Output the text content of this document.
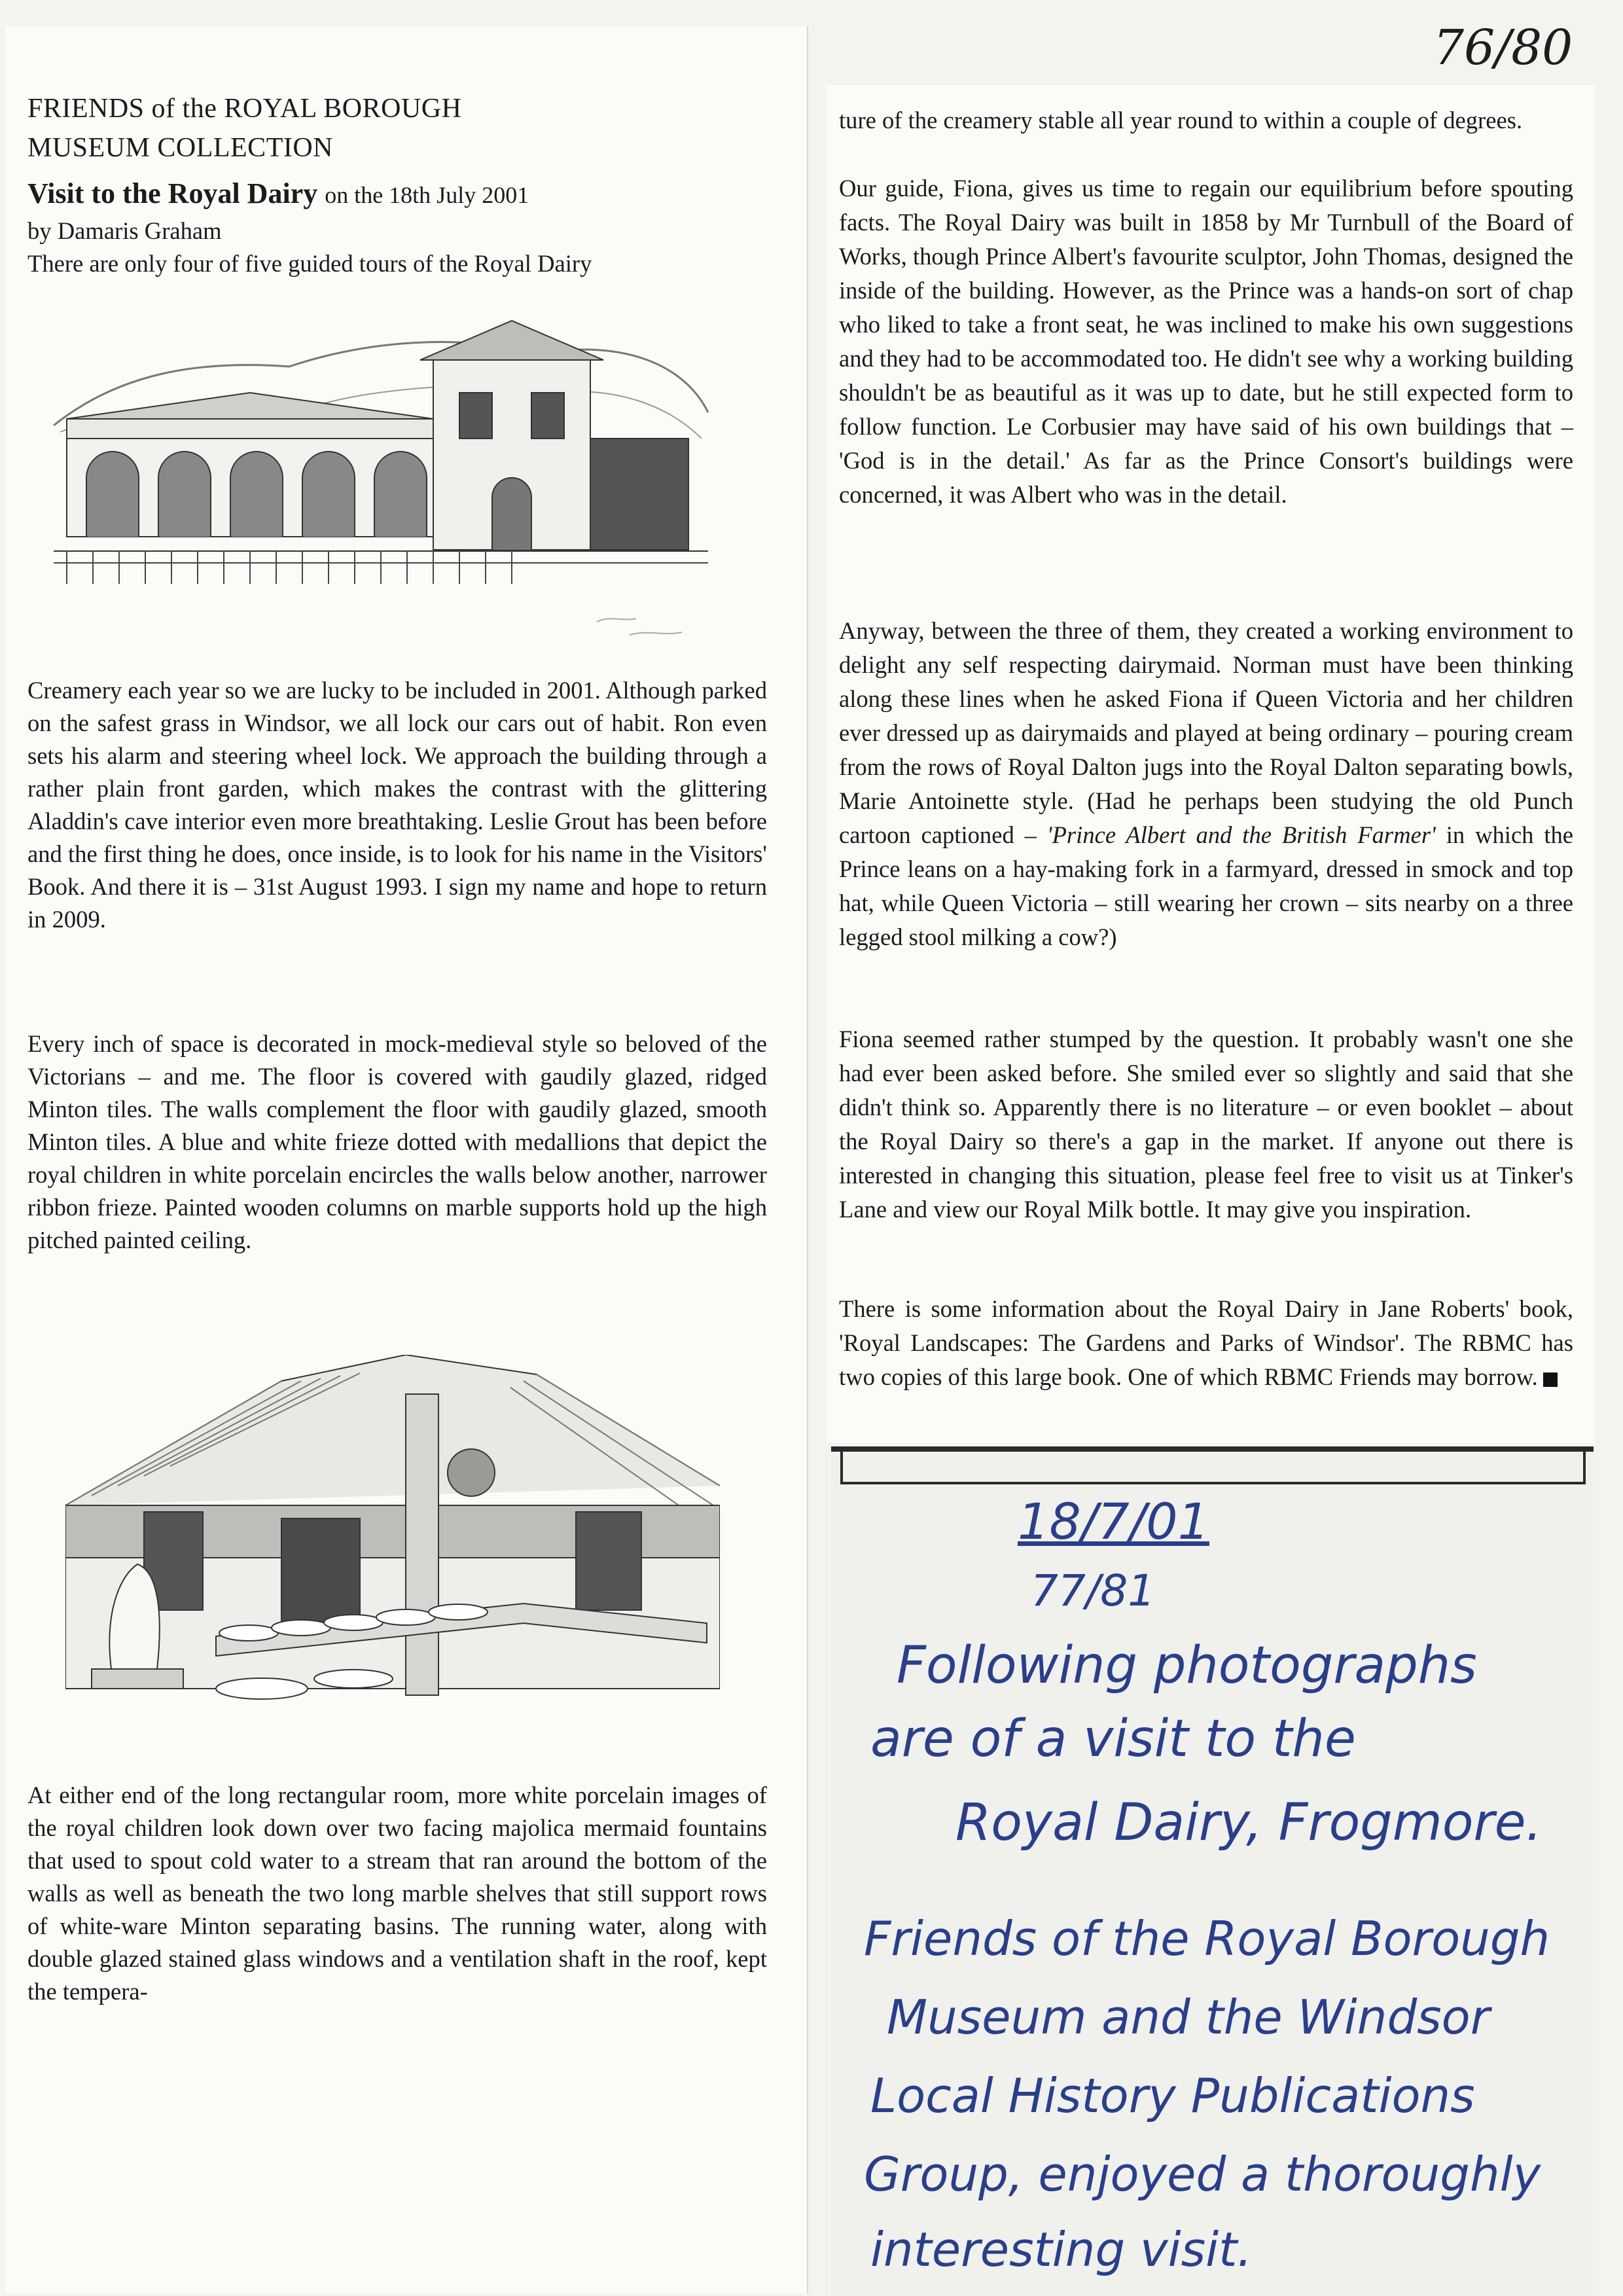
76/80
FRIENDS of the ROYAL BOROUGH
MUSEUM COLLECTION
Visit to the Royal Dairy on the 18th July 2001
by Damaris Graham
There are only four of five guided tours of the Royal Dairy
Creamery each year so we are lucky to be included in 2001. Although parked on the safest grass in Windsor, we all lock our cars out of habit. Ron even sets his alarm and steering wheel lock. We approach the building through a rather plain front garden, which makes the contrast with the glittering Aladdin's cave interior even more breathtaking. Leslie Grout has been before and the first thing he does, once inside, is to look for his name in the Visitors' Book. And there it is – 31st August 1993. I sign my name and hope to return in 2009.
Every inch of space is decorated in mock-medieval style so beloved of the Victorians – and me. The floor is covered with gaudily glazed, ridged Minton tiles. The walls complement the floor with gaudily glazed, smooth Minton tiles. A blue and white frieze dotted with medallions that depict the royal children in white porcelain encircles the walls below another, narrower ribbon frieze. Painted wooden columns on marble supports hold up the high pitched painted ceiling.
At either end of the long rectangular room, more white porcelain images of the royal children look down over two facing majolica mermaid fountains that used to spout cold water to a stream that ran around the bottom of the walls as well as beneath the two long marble shelves that still support rows of white-ware Minton separating basins. The running water, along with double glazed stained glass windows and a ventilation shaft in the roof, kept the tempera-
ture of the creamery stable all year round to within a couple of degrees.
Our guide, Fiona, gives us time to regain our equilibrium before spouting facts. The Royal Dairy was built in 1858 by Mr Turnbull of the Board of Works, though Prince Albert's favourite sculptor, John Thomas, designed the inside of the building. However, as the Prince was a hands-on sort of chap who liked to take a front seat, he was inclined to make his own suggestions and they had to be accommodated too. He didn't see why a working building shouldn't be as beautiful as it was up to date, but he still expected form to follow function. Le Corbusier may have said of his own buildings that – 'God is in the detail.' As far as the Prince Consort's buildings were concerned, it was Albert who was in the detail.
Anyway, between the three of them, they created a working environment to delight any self respecting dairymaid. Norman must have been thinking along these lines when he asked Fiona if Queen Victoria and her children ever dressed up as dairymaids and played at being ordinary – pouring cream from the rows of Royal Dalton jugs into the Royal Dalton separating bowls, Marie Antoinette style. (Had he perhaps been studying the old Punch cartoon captioned – 'Prince Albert and the British Farmer' in which the Prince leans on a hay-making fork in a farmyard, dressed in smock and top hat, while Queen Victoria – still wearing her crown – sits nearby on a three legged stool milking a cow?)
Fiona seemed rather stumped by the question. It probably wasn't one she had ever been asked before. She smiled ever so slightly and said that she didn't think so. Apparently there is no literature – or even booklet – about the Royal Dairy so there's a gap in the market. If anyone out there is interested in changing this situation, please feel free to visit us at Tinker's Lane and view our Royal Milk bottle. It may give you inspiration.
There is some information about the Royal Dairy in Jane Roberts' book, 'Royal Landscapes: The Gardens and Parks of Windsor'. The RBMC has two copies of this large book. One of which RBMC Friends may borrow.
18/7/01
77/81
Following photographs
are of a visit to the
Royal Dairy, Frogmore.
Friends of the Royal Borough
Museum and the Windsor
Local History Publications
Group, enjoyed a thoroughly
interesting visit.
